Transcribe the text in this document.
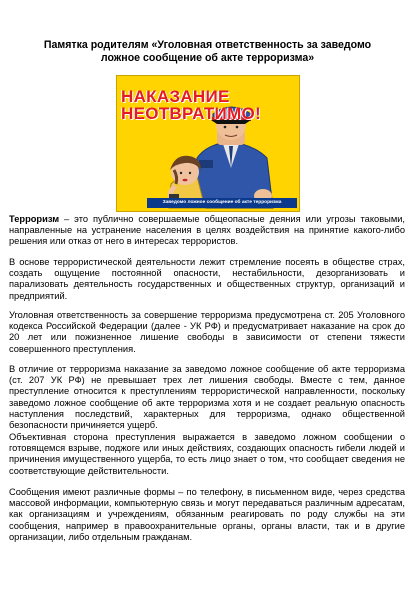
Памятка родителям «Уголовная ответственность за заведомо
ложное сообщение об акте терроризма»
НАКАЗАНИЕ
НЕОТВРАТИМО!
Заведомо ложное сообщение об акте терроризма
Терроризм – это публично совершаемые общеопасные деяния или угрозы таковыми, направленные на устранение населения в целях воздействия на принятие какого-либо решения или отказ от него в интересах террористов.
В основе террористической деятельности лежит стремление посеять в обществе страх, создать ощущение постоянной опасности, нестабильности, дезорганизовать и парализовать деятельность государственных и общественных структур, организаций и предприятий.
Уголовная ответственность за совершение терроризма предусмотрена ст. 205 Уголовного кодекса Российской Федерации (далее - УК РФ) и предусматривает наказание на срок до 20 лет или пожизненное лишение свободы в зависимости от степени тяжести совершенного преступления.
В отличие от терроризма наказание за заведомо ложное сообщение об акте терроризма (ст. 207 УК РФ) не превышает трех лет лишения свободы. Вместе с тем, данное преступление относится к преступлениям террористической направленности, поскольку заведомо ложное сообщение об акте терроризма хотя и не создает реальную опасность наступления последствий, характерных для терроризма, однако общественной безопасности причиняется ущерб.
Объективная сторона преступления выражается в заведомо ложном сообщении о готовящемся взрыве, поджоге или иных действиях, создающих опасность гибели людей и причинения имущественного ущерба, то есть лицо знает о том, что сообщает сведения не соответствующие действительности.
Сообщения имеют различные формы – по телефону, в письменном виде, через средства массовой информации, компьютерную связь и могут передаваться различным адресатам, как организациям и учреждениям, обязанным реагировать по роду службы на эти сообщения, например в правоохранительные органы, органы власти, так и в другие организации, либо отдельным гражданам.
